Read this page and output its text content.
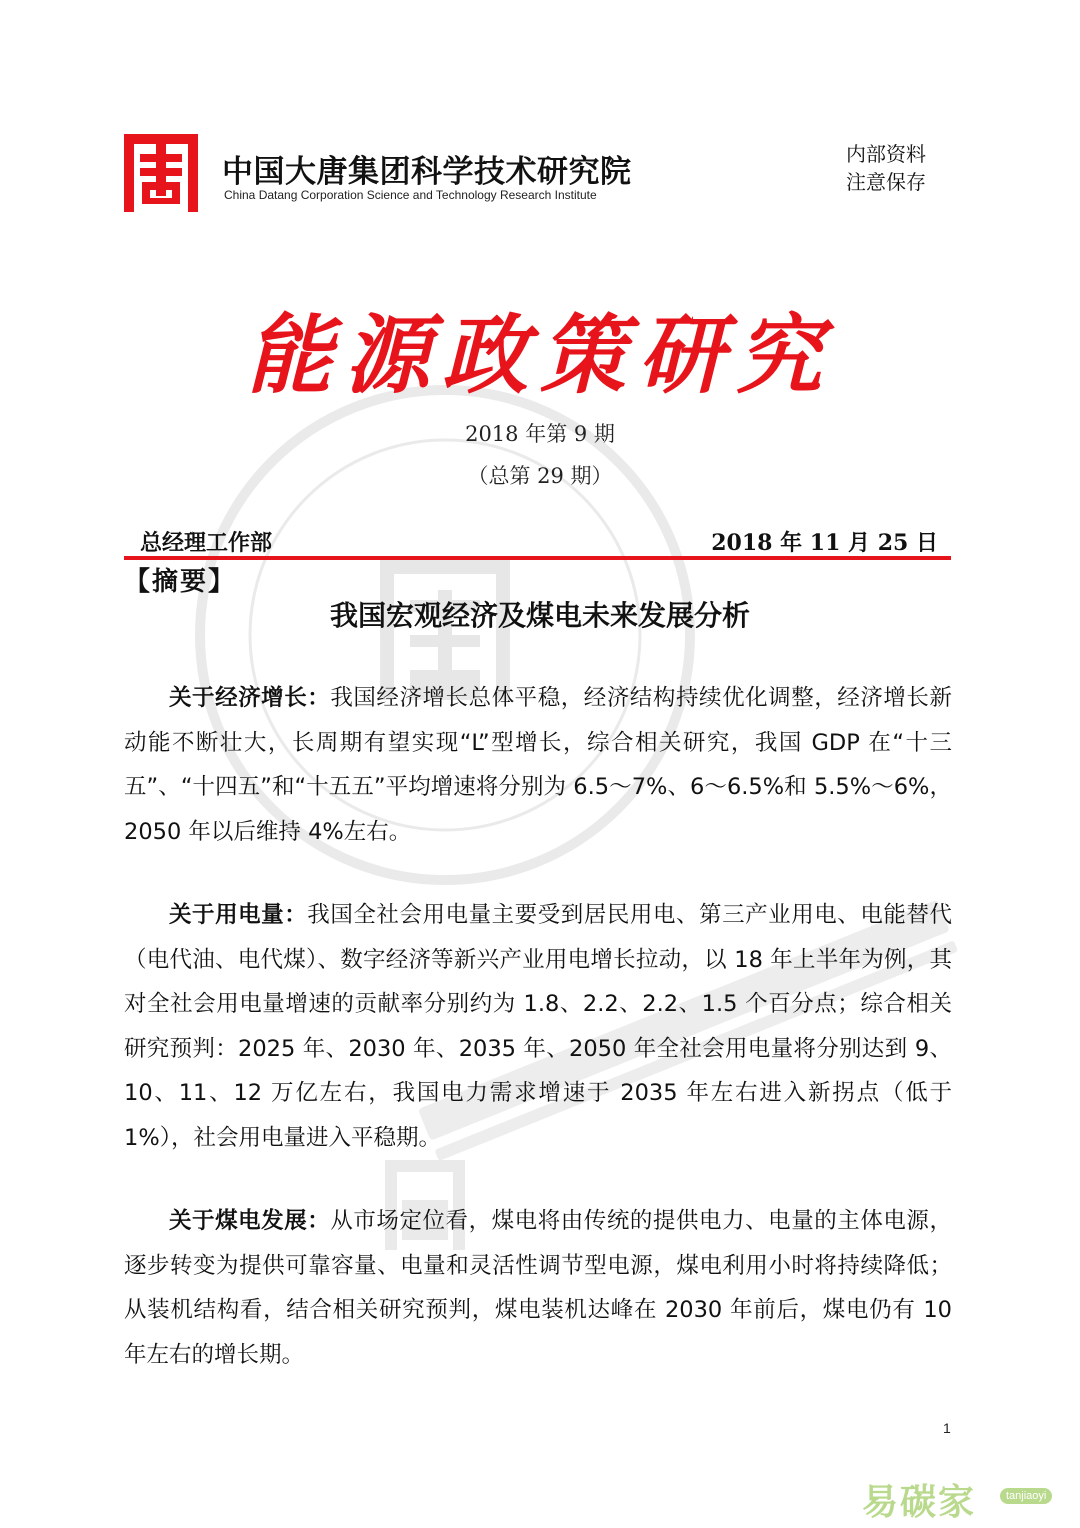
中国大唐集团科学技术研究院
China Datang Corporation Science and Technology Research Institute
内部资料
注意保存
能源政策研究
2018 年第 9 期
（总第 29 期）
总经理工作部	2018 年 11 月 25 日
【摘要】
我国宏观经济及煤电未来发展分析
关于经济增长：我国经济增长总体平稳，经济结构持续优化调整，经济增长新动能不断壮大，长周期有望实现“L”型增长，综合相关研究，我国 GDP 在“十三五”、“十四五”和“十五五”平均增速将分别为 6.5～7%、6～6.5%和 5.5%～6%，2050 年以后维持 4%左右。
关于用电量：我国全社会用电量主要受到居民用电、第三产业用电、电能替代（电代油、电代煤）、数字经济等新兴产业用电增长拉动，以 18 年上半年为例，其对全社会用电量增速的贡献率分别约为 1.8、2.2、2.2、1.5 个百分点；综合相关研究预判：2025 年、2030 年、2035 年、2050 年全社会用电量将分别达到 9、10、11、12 万亿左右，我国电力需求增速于 2035 年左右进入新拐点（低于 1%），社会用电量进入平稳期。
关于煤电发展：从市场定位看，煤电将由传统的提供电力、电量的主体电源，逐步转变为提供可靠容量、电量和灵活性调节型电源，煤电利用小时将持续降低；从装机结构看，结合相关研究预判，煤电装机达峰在 2030 年前后，煤电仍有 10 年左右的增长期。
1
易碳家	tanjiaoyi
